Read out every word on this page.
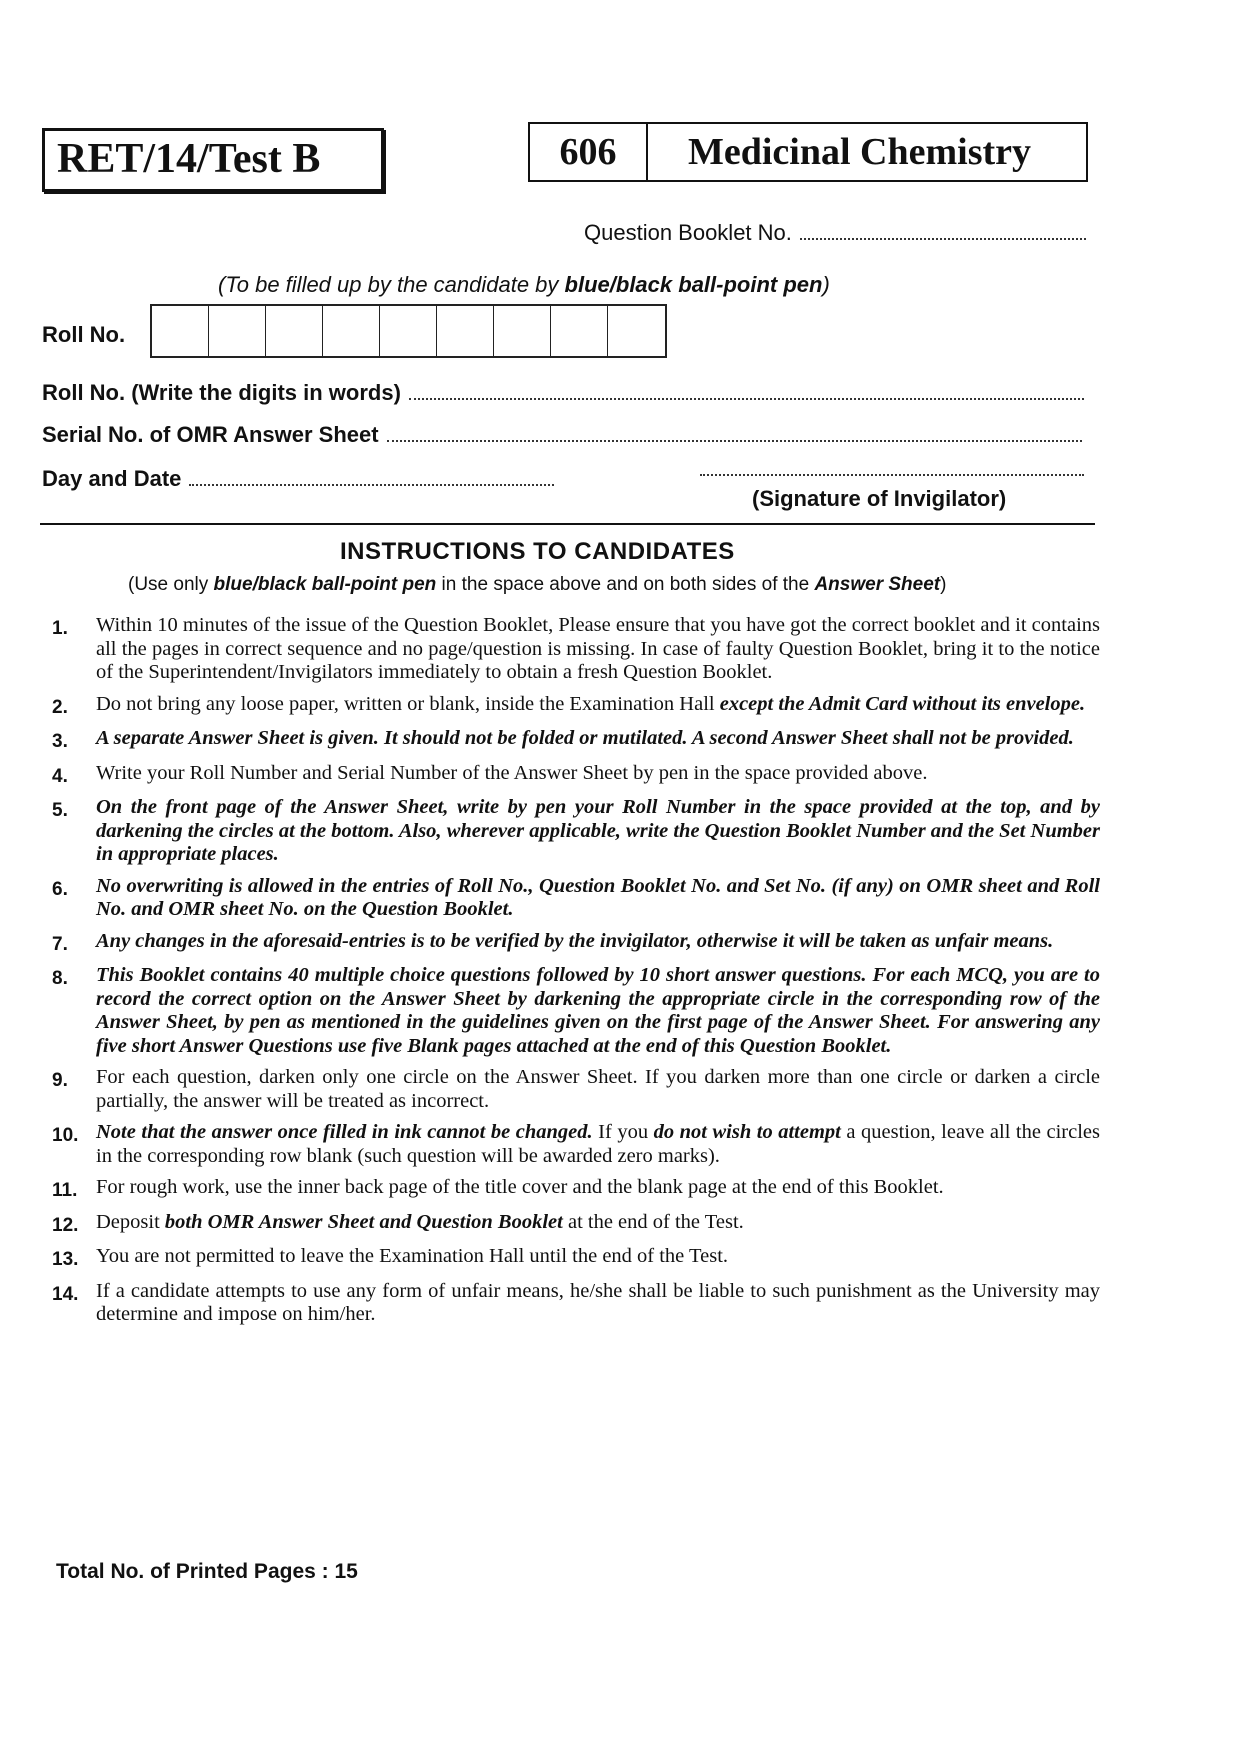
RET/14/Test B	606	Medicinal Chemistry
Question Booklet No.
(To be filled up by the candidate by blue/black ball-point pen)
Roll No.
Roll No. (Write the digits in words)
Serial No. of OMR Answer Sheet
Day and Date
(Signature of Invigilator)
INSTRUCTIONS TO CANDIDATES
(Use only blue/black ball-point pen in the space above and on both sides of the Answer Sheet)
1.	Within 10 minutes of the issue of the Question Booklet, Please ensure that you have got the correct booklet and it contains all the pages in correct sequence and no page/question is missing. In case of faulty Question Booklet, bring it to the notice of the Superintendent/Invigilators immediately to obtain a fresh Question Booklet.
2.	Do not bring any loose paper, written or blank, inside the Examination Hall except the Admit Card without its envelope.
3.	A separate Answer Sheet is given. It should not be folded or mutilated. A second Answer Sheet shall not be provided.
4.	Write your Roll Number and Serial Number of the Answer Sheet by pen in the space provided above.
5.	On the front page of the Answer Sheet, write by pen your Roll Number in the space provided at the top, and by darkening the circles at the bottom. Also, wherever applicable, write the Question Booklet Number and the Set Number in appropriate places.
6.	No overwriting is allowed in the entries of Roll No., Question Booklet No. and Set No. (if any) on OMR sheet and Roll No. and OMR sheet No. on the Question Booklet.
7.	Any changes in the aforesaid-entries is to be verified by the invigilator, otherwise it will be taken as unfair means.
8.	This Booklet contains 40 multiple choice questions followed by 10 short answer questions. For each MCQ, you are to record the correct option on the Answer Sheet by darkening the appropriate circle in the corresponding row of the Answer Sheet, by pen as mentioned in the guidelines given on the first page of the Answer Sheet. For answering any five short Answer Questions use five Blank pages attached at the end of this Question Booklet.
9.	For each question, darken only one circle on the Answer Sheet. If you darken more than one circle or darken a circle partially, the answer will be treated as incorrect.
10. Note that the answer once filled in ink cannot be changed. If you do not wish to attempt a question, leave all the circles in the corresponding row blank (such question will be awarded zero marks).
11. For rough work, use the inner back page of the title cover and the blank page at the end of this Booklet.
12. Deposit both OMR Answer Sheet and Question Booklet at the end of the Test.
13. You are not permitted to leave the Examination Hall until the end of the Test.
14. If a candidate attempts to use any form of unfair means, he/she shall be liable to such punishment as the University may determine and impose on him/her.
Total No. of Printed Pages : 15
